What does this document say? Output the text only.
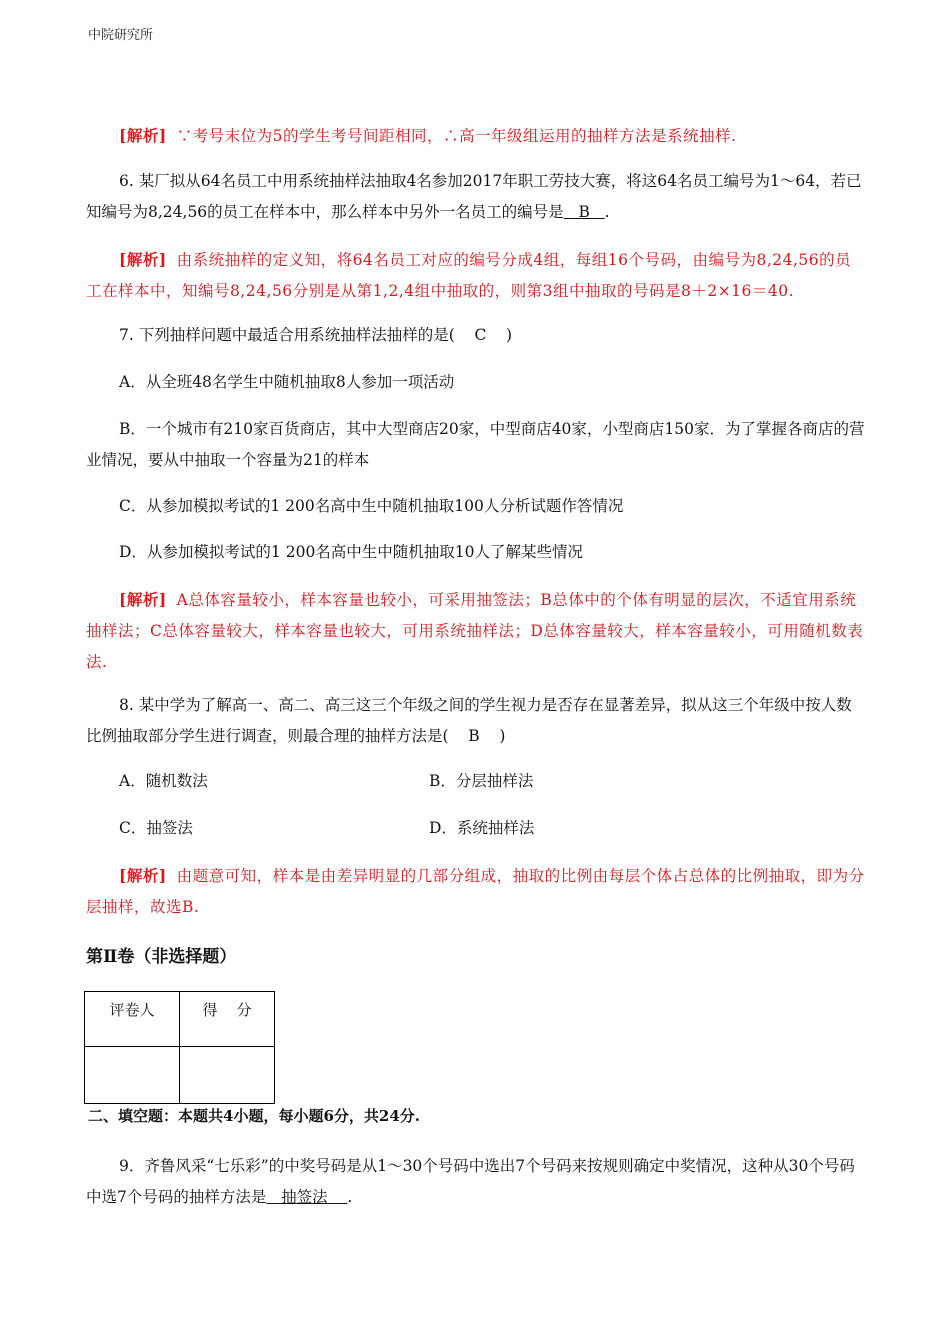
中院研究所
[解析] ∵考号末位为5的学生考号间距相同，∴高一年级组运用的抽样方法是系统抽样.
6. 某厂拟从64名员工中用系统抽样法抽取4名参加2017年职工劳技大赛，将这64名员工编号为1～64，若已知编号为8,24,56的员工在样本中，那么样本中另外一名员工的编号是   B   .
[解析] 由系统抽样的定义知，将64名员工对应的编号分成4组，每组16个号码，由编号为8,24,56的员工在样本中，知编号8,24,56分别是从第1,2,4组中抽取的，则第3组中抽取的号码是8＋2×16＝40.
7. 下列抽样问题中最适合用系统抽样法抽样的是(    C    )
A．从全班48名学生中随机抽取8人参加一项活动
B．一个城市有210家百货商店，其中大型商店20家，中型商店40家，小型商店150家．为了掌握各商店的营业情况，要从中抽取一个容量为21的样本
C．从参加模拟考试的1 200名高中生中随机抽取100人分析试题作答情况
D．从参加模拟考试的1 200名高中生中随机抽取10人了解某些情况
[解析] A总体容量较小，样本容量也较小，可采用抽签法；B总体中的个体有明显的层次，不适宜用系统抽样法；C总体容量较大，样本容量也较大，可用系统抽样法；D总体容量较大，样本容量较小，可用随机数表法.
8. 某中学为了解高一、高二、高三这三个年级之间的学生视力是否存在显著差异，拟从这三个年级中按人数比例抽取部分学生进行调查，则最合理的抽样方法是(    B    )
A．随机数法	B．分层抽样法
C．抽签法	D．系统抽样法
[解析] 由题意可知，样本是由差异明显的几部分组成，抽取的比例由每层个体占总体的比例抽取，即为分层抽样，故选B.
第Ⅱ卷（非选择题）
评卷人	得    分

二、填空题：本题共4小题，每小题6分，共24分.
9．齐鲁风采“七乐彩”的中奖号码是从1～30个号码中选出7个号码来按规则确定中奖情况，这种从30个号码中选7个号码的抽样方法是   抽签法    .
